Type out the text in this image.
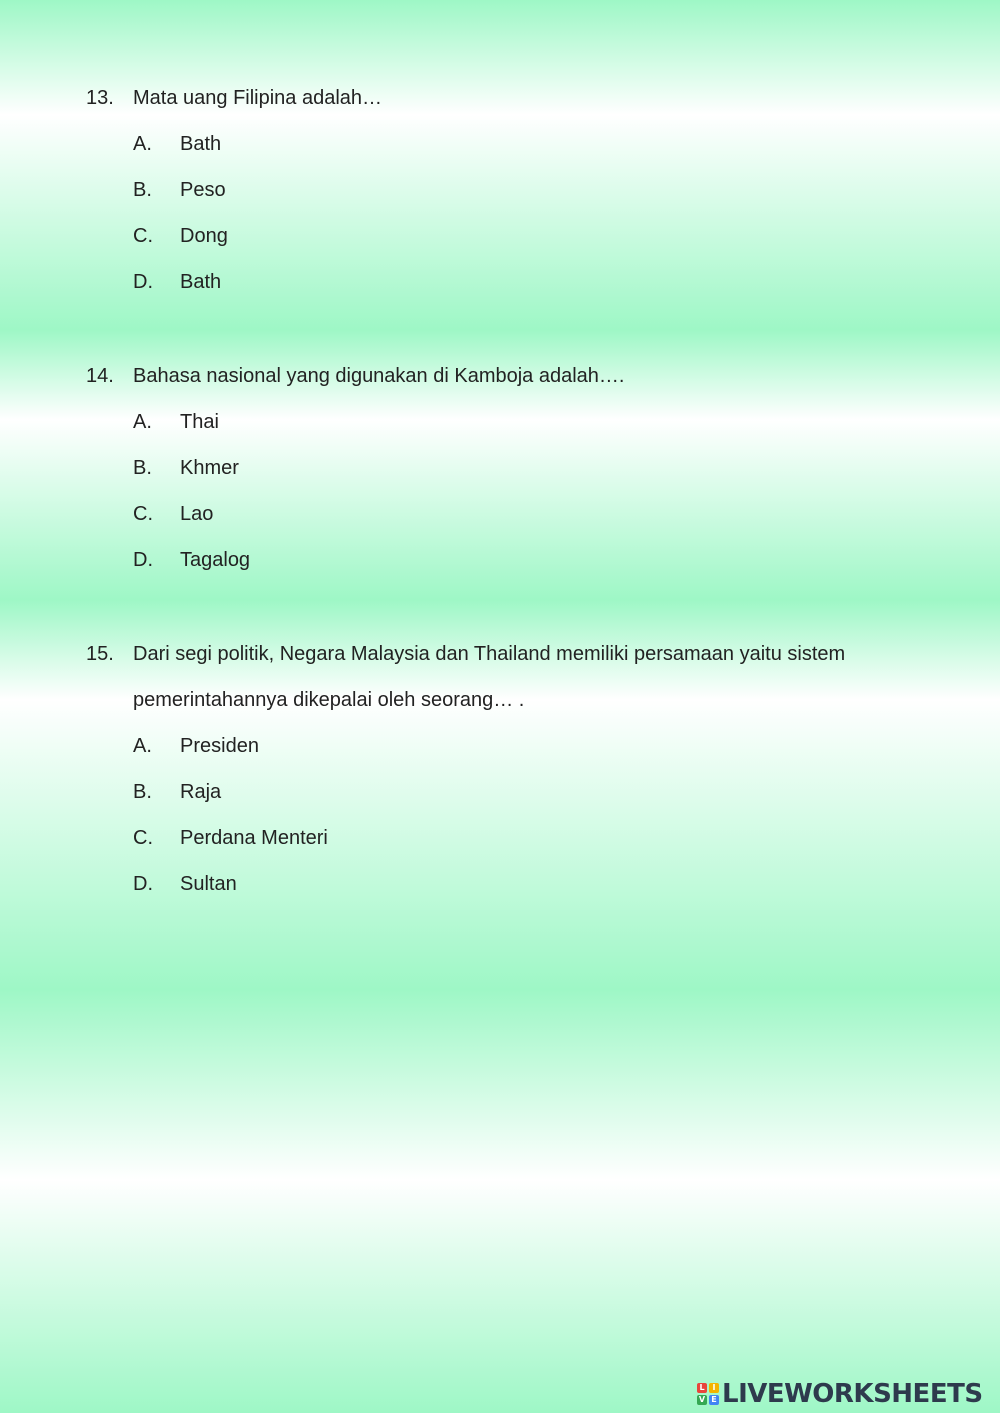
13. Mata uang Filipina adalah…
A. Bath
B. Peso
C. Dong
D. Bath
14. Bahasa nasional yang digunakan di Kamboja adalah….
A. Thai
B. Khmer
C. Lao
D. Tagalog
15. Dari segi politik, Negara Malaysia dan Thailand memiliki persamaan yaitu sistem
pemerintahannya dikepalai oleh seorang… .
A. Presiden
B. Raja
C. Perdana Menteri
D. Sultan
L I
V E LIVEWORKSHEETS
